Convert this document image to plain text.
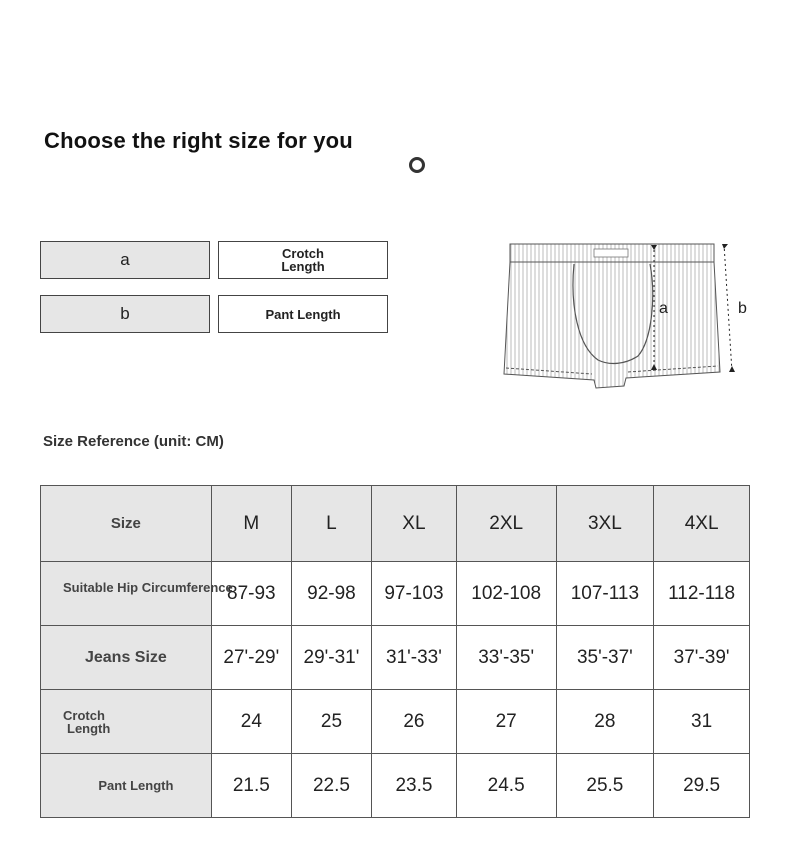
Choose the right size for you
a	Crotch
Length
b	Pant Length	a	b
Size Reference (unit: CM)
Size	M	L	XL	2XL	3XL	4XL
Suitable Hip Circumference	87-93	92-98	97-103	102-108	107-113	112-118
Jeans Size	27'-29'	29'-31'	31'-33'	33'-35'	35'-37'	37'-39'

Crotch
Length	24	25	26	27	28	31
Pant Length	21.5	22.5	23.5	24.5	25.5	29.5
